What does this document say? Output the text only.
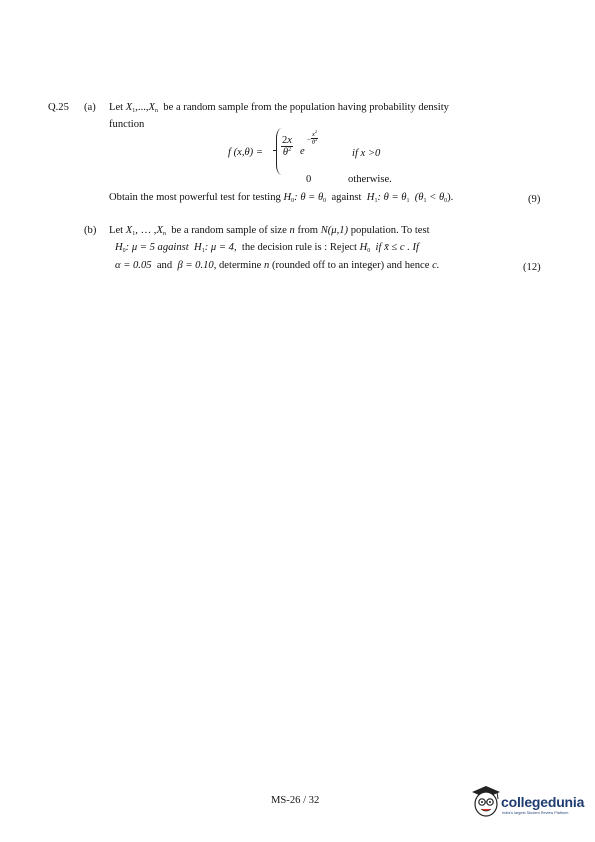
Q.25 (a) Let $X_1,...,X_n$ be a random sample from the population having probability density
function
f $(x,\theta) = \frac{2x}{\theta^2}$ e
−
$x^2$
$\theta^2$
if x >0
0	otherwise.
Obtain the most powerful test for testing $H_0$: $\theta = \theta_0$ against $H_1$: $\theta = \theta_1$ $(\theta_1 < \theta_0)$.	(9)
(b) Let $X_1$, … $,X_n$ be a random sample of size n from N(μ,1) population. To test
$H_0$: μ = 5 against $H_1$: μ = 4, the decision rule is : Reject $H_0$ if x̄ ≤ c . If
α = 0.05 and β = 0.10, determine n (rounded off to an integer) and hence c.	(12)
MS-26 / 32	collegedunia
India's largest Student Review Platform
